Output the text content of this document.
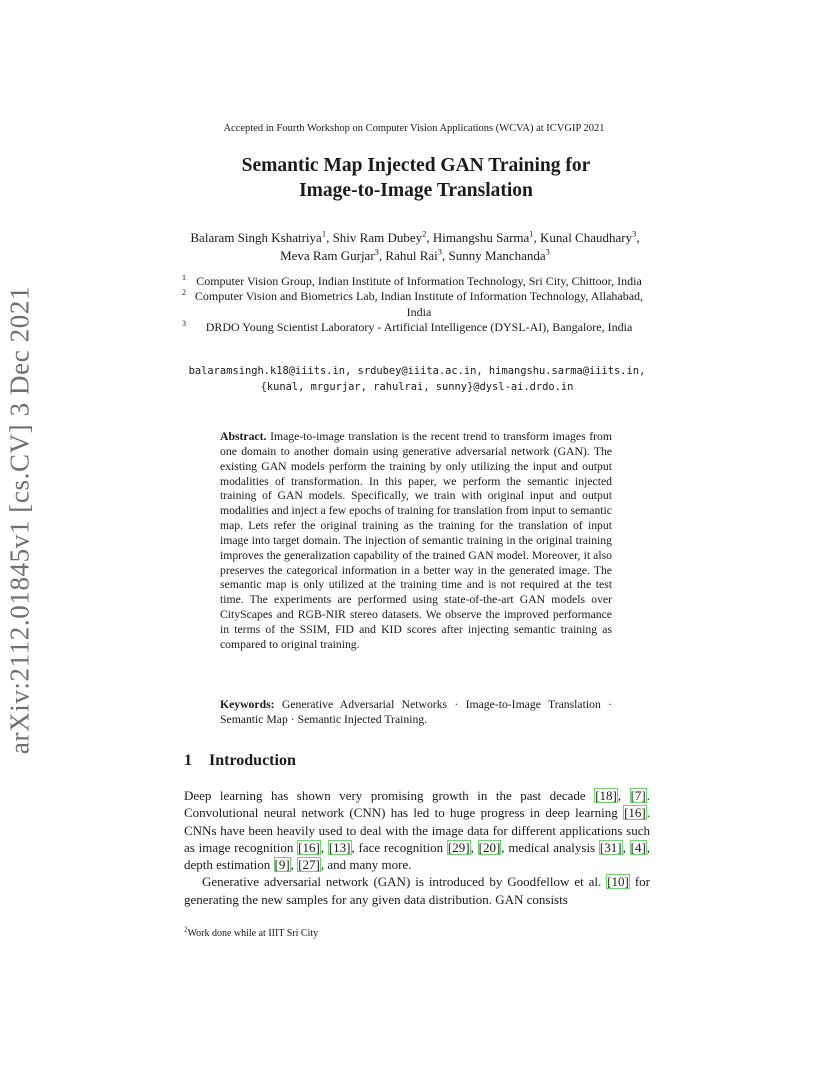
arXiv:2112.01845v1 [cs.CV] 3 Dec 2021
Accepted in Fourth Workshop on Computer Vision Applications (WCVA) at ICVGIP 2021
Semantic Map Injected GAN Training for
Image-to-Image Translation
Balaram Singh Kshatriya$^1$, Shiv Ram Dubey$^2$, Himangshu Sarma$^1$, Kunal Chaudhary$^3$, Meva Ram Gurjar$^3$, Rahul Rai$^3$, Sunny Manchanda$^3$
1 Computer Vision Group, Indian Institute of Information Technology, Sri City, Chittoor, India
2 Computer Vision and Biometrics Lab, Indian Institute of Information Technology, Allahabad, India
3 DRDO Young Scientist Laboratory - Artificial Intelligence (DYSL-AI), Bangalore, India
balaramsingh.k18@iiits.in, srdubey@iiita.ac.in, himangshu.sarma@iiits.in,
{kunal, mrgurjar, rahulrai, sunny}@dysl-ai.drdo.in
Abstract. Image-to-image translation is the recent trend to transform images from one domain to another domain using generative adversarial network (GAN). The existing GAN models perform the training by only utilizing the input and output modalities of transformation. In this paper, we perform the semantic injected training of GAN models. Specifically, we train with original input and output modalities and inject a few epochs of training for translation from input to semantic map. Lets refer the original training as the training for the translation of input image into target domain. The injection of semantic training in the original training improves the generalization capability of the trained GAN model. Moreover, it also preserves the categorical information in a better way in the generated image. The semantic map is only utilized at the training time and is not required at the test time. The experiments are performed using state-of-the-art GAN models over CityScapes and RGB-NIR stereo datasets. We observe the improved performance in terms of the SSIM, FID and KID scores after injecting semantic training as compared to original training.
Keywords: Generative Adversarial Networks · Image-to-Image Translation · Semantic Map · Semantic Injected Training.
1 Introduction

Deep learning has shown very promising growth in the past decade [18], [7]. Convolutional neural network (CNN) has led to huge progress in deep learning [16]. CNNs have been heavily used to deal with the image data for different applications such as image recognition [16], [13], face recognition [29], [20], medical analysis [31], [4], depth estimation [9], [27], and many more.

Generative adversarial network (GAN) is introduced by Goodfellow et al. [10] for generating the new samples for any given data distribution. GAN consists

$^2$Work done while at IIIT Sri City
